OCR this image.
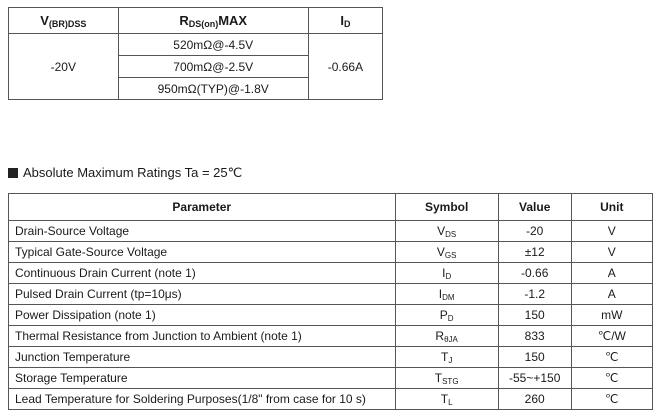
$V_{(BR)DSS}$	$R_{DS(on)}MAX$	$I_D$
-20V	520mΩ@-4.5V	-0.66A
	700mΩ@-2.5V	
	950mΩ(TYP)@-1.8V	
Absolute Maximum Ratings Ta = 25℃
Parameter	Symbol	Value	Unit
Drain-Source Voltage	VDS	-20	V
Typical Gate-Source Voltage	VGS	±12	V
Continuous Drain Current (note 1)	ID	-0.66	A
Pulsed Drain Current (tp=10μs)	IDM	-1.2	A
Power Dissipation (note 1)	PD	150	mW
Thermal Resistance from Junction to Ambient (note 1)	RθJA	833	℃/W
Junction Temperature	TJ	150	℃
Storage Temperature	TSTG	-55~+150	℃
Lead Temperature for Soldering Purposes(1/8" from case for 10 s)	TL	260	℃
